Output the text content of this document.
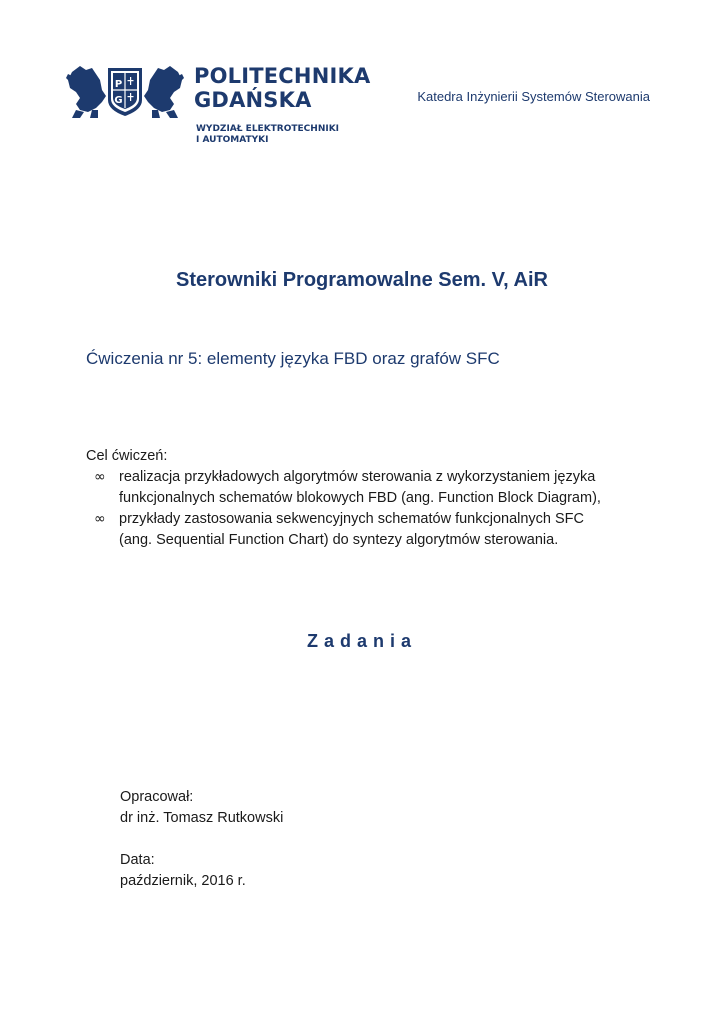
P
G
POLITECHNIKA
GDAŃSKA
WYDZIAŁ ELEKTROTECHNIKI
I AUTOMATYKI
Katedra Inżynierii Systemów Sterowania
Sterowniki Programowalne Sem. V, AiR
Ćwiczenia nr 5: elementy języka FBD oraz grafów SFC
Cel ćwiczeń:
∞ realizacja przykładowych algorytmów sterowania z wykorzystaniem języka
funkcjonalnych schematów blokowych FBD (ang. Function Block Diagram),
∞ przykłady zastosowania sekwencyjnych schematów funkcjonalnych SFC
(ang. Sequential Function Chart) do syntezy algorytmów sterowania.
Zadania
Opracował:
dr inż. Tomasz Rutkowski
Data:
październik, 2016 r.
